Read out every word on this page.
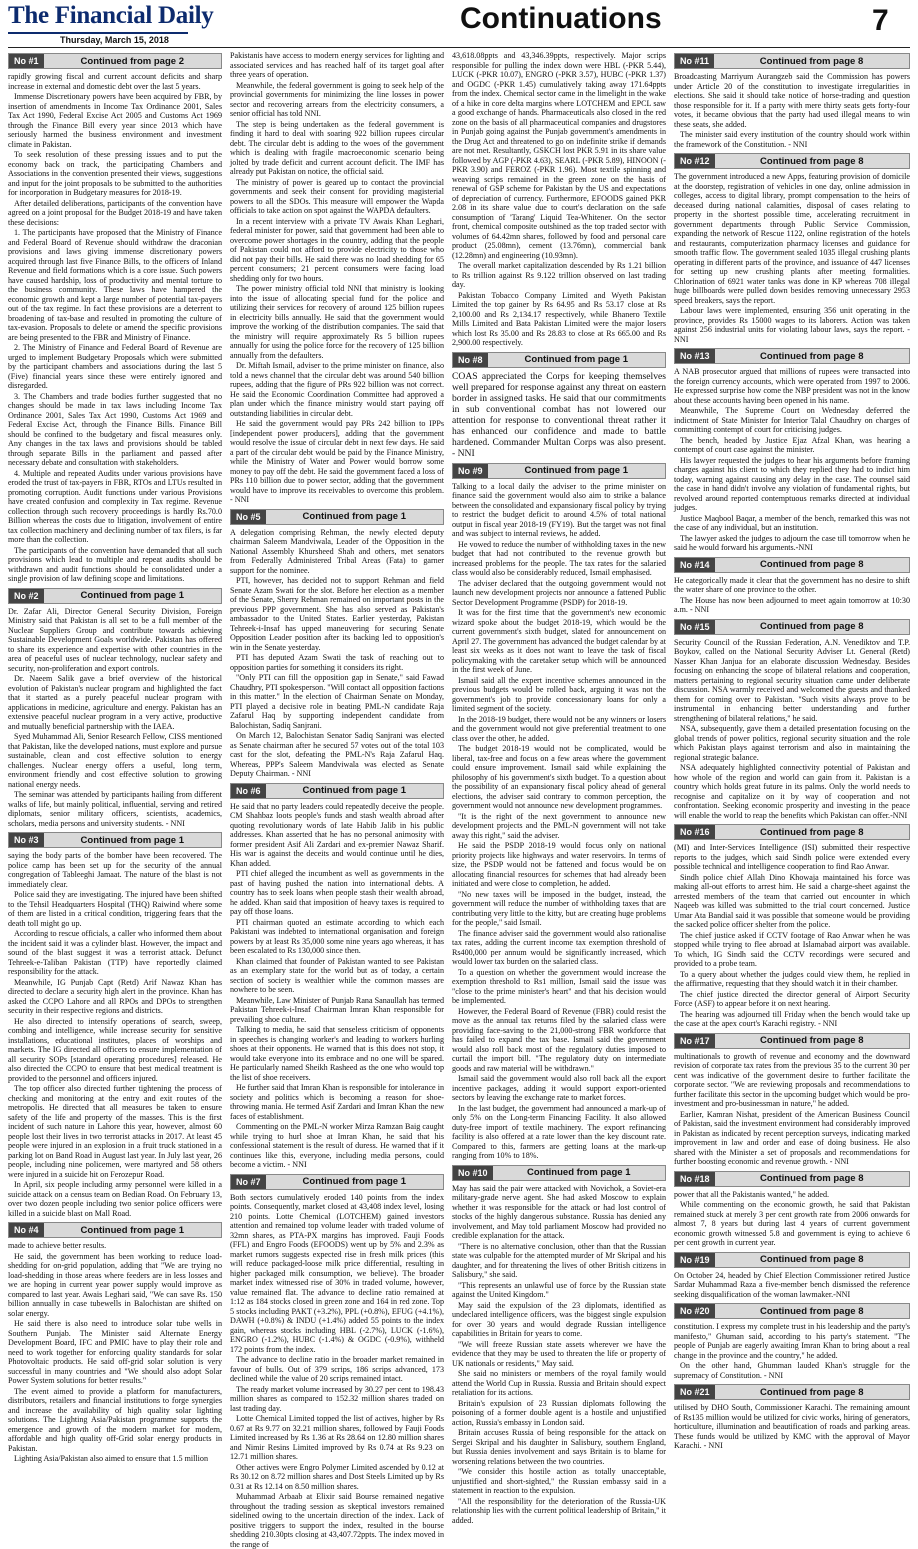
The Financial Daily
Thursday, March 15, 2018
Continuations	7
No #1	Continued from page 2

rapidly growing fiscal and current account deficits and sharp increase in external and domestic debt over the last 5 years.

Immense Discretionary powers have been acquired by FBR, by insertion of amendments in Income Tax Ordinance 2001, Sales Tax Act 1990, Federal Excise Act 2005 and Customs Act 1969 through the Finance Bill every year since 2013 which have seriously harmed the business environment and investment climate in Pakistan.

To seek resolution of these pressing issues and to put the economy back on track, the participating Chambers and Associations in the convention presented their views, suggestions and input for the joint proposals to be submitted to the authorities for incorporation in Budgetary measures for 2018-19.

After detailed deliberations, participants of the convention have agreed on a joint proposal for the Budget 2018-19 and have taken these decisions:

1. The participants have proposed that the Ministry of Finance and Federal Board of Revenue should withdraw the draconian provisions and laws giving immense discretionary powers acquired through last five Finance Bills, to the officers of Inland Revenue and field formations which is a core issue. Such powers have caused hardship, loss of productivity and mental torture to the business community. These laws have hampered the economic growth and kept a large number of potential tax-payers out of the tax regime. In fact these provisions are a deterrent to broadening of tax-base and resulted in promoting the culture of tax-evasion. Proposals to delete or amend the specific provisions are being presented to the FBR and Ministry of Finance.

2. The Ministry of Finance and Federal Board of Revenue are urged to implement Budgetary Proposals which were submitted by the participant chambers and associations during the last 5 (Five) financial years since these were entirely ignored and disregarded.

3. The Chambers and trade bodies further suggested that no changes should be made in tax laws including Income Tax Ordinance 2001, Sales Tax Act 1990, Customs Act 1969 and Federal Excise Act, through the Finance Bills. Finance Bill should be confined to the budgetary and fiscal measures only. Any changes in the tax laws and provisions should be tabled through separate Bills in the parliament and passed after necessary debate and consultation with stakeholders.

4. Multiple and repeated Audits under various provisions have eroded the trust of tax-payers in FBR, RTOs and LTUs resulted in promoting corruption. Audit functions under various Provisions have created confusion and complexity in Tax regime. Revenue collection through such recovery proceedings is hardly Rs.70.0 Billion whereas the costs due to litigation, involvement of entire tax collection machinery and declining number of tax filers, is far more than the collection.

The participants of the convention have demanded that all such provisions which lead to multiple and repeat audits should be withdrawn and audit functions should be consolidated under a single provision of law defining scope and limitations.

No #2	Continued from page 1

Dr. Zafar Ali, Director General Security Division, Foreign Ministry said that Pakistan is all set to be a full member of the Nuclear Suppliers Group and contribute towards achieving Sustainable Development Goals worldwide. Pakistan has offered to share its experience and expertise with other countries in the area of peaceful uses of nuclear technology, nuclear safety and security, non-proliferation and export controls.

Dr. Naeem Salik gave a brief overview of the historical evolution of Pakistan's nuclear program and highlighted the fact that it started as a purely peaceful nuclear program with applications in medicine, agriculture and energy. Pakistan has an extensive peaceful nuclear program in a very active, productive and mutually beneficial partnership with the IAEA.

Syed Muhammad Ali, Senior Research Fellow, CISS mentioned that Pakistan, like the developed nations, must explore and pursue sustainable, clean and cost effective solution to energy challenges. Nuclear energy offers a useful, long term, environment friendly and cost effective solution to growing national energy needs.

The seminar was attended by participants hailing from different walks of life, but mainly political, influential, serving and retired diplomats, senior military officers, scientists, academics, scholars, media persons and university students. - NNI

No #3	Continued from page 1

saying the body parts of the bomber have been recovered. The police camp has been set up for the security of the annual congregation of Tableeghi Jamaat. The nature of the blast is not immediately clear.

Police said they are investigating. The injured have been shifted to the Tehsil Headquarters Hospital (THQ) Raiwind where some of them are listed in a critical condition, triggering fears that the death toll might go up.

According to rescue officials, a caller who informed them about the incident said it was a cylinder blast. However, the impact and sound of the blast suggest it was a terrorist attack. Defunct Tehreek-e-Taliban Pakistan (TTP) have reportedly claimed responsibility for the attack.

Meanwhile, IG Punjab Capt (Retd) Arif Nawaz Khan has directed to declare a security high alert in the province. Khan has asked the CCPO Lahore and all RPOs and DPOs to strengthen security in their respective regions and districts.

He also directed to intensify operations of search, sweep, combing and intelligence, while increase security for sensitive installations, educational institutes, places of worships and markets. The IG directed all officers to ensure implementation of all security SOPs [standard operating procedures] released. He also directed the CCPO to ensure that best medical treatment is provided to the personnel and officers injured.

The top officer also directed further tightening the process of checking and monitoring at the entry and exit routes of the metropolis. He directed that all measures be taken to ensure safety of the life and property of the masses. This is the first incident of such nature in Lahore this year, however, almost 60 people lost their lives in two terrorist attacks in 2017. At least 45 people were injured in an explosion in a fruit truck stationed in a parking lot on Band Road in August last year. In July last year, 26 people, including nine policemen, were martyred and 58 others were injured in a suicide hit on Ferozepur Road.

In April, six people including army personnel were killed in a suicide attack on a census team on Bedian Road. On February 13, over two dozen people including two senior police officers were killed in a suicide blast on Mall Road.

No #4	Continued from page 1

made to achieve better results.

He said, the government has been working to reduce load-shedding for on-grid population, adding that "We are trying no load-shedding in those areas where feeders are in less losses and we are hoping in current year power supply would improve as compared to last year. Awais Leghari said, "We can save Rs. 150 billion annually in case tubewells in Balochistan are shifted on solar energy.

He said there is also need to introduce solar tube wells in Southern Punjab. The Minister said Alternate Energy Development Board, IFC and PMIC have to play their role and need to work together for enforcing quality standards for solar Photovoltaic products. He said off-grid solar solution is very successful in many countries and "We should also adopt Solar Power System solutions for better results."

The event aimed to provide a platform for manufacturers, distributors, retailers and financial institutions to forge synergies and increase the availability of high quality solar lighting solutions. The Lighting Asia/Pakistan programme supports the emergence and growth of the modern market for modern, affordable and high quality off-Grid solar energy products in Pakistan.

Lighting Asia/Pakistan also aimed to ensure that 1.5 million

Pakistanis have access to modern energy services for lighting and associated services and has reached half of its target goal after three years of operation.

Meanwhile, the federal government is going to seek help of the provincial governments for minimizing the line losses in power sector and recovering arrears from the electricity consumers, a senior official has told NNI.

The step is being undertaken as the federal government is finding it hard to deal with soaring 922 billion rupees circular debt. The circular debt is adding to the woes of the government which is dealing with fragile macroeconomic scenario being jolted by trade deficit and current account deficit. The IMF has already put Pakistan on notice, the official said.

The ministry of power is geared up to contact the provincial governments and seek their consent for providing magisterial powers to all the SDOs. This measure will empower the Wapda officials to take action on spot against the WAPDA defaulters.

In a recent interview with a private TV Awais Khan Leghari, federal minister for power, said that government had been able to overcome power shortages in the country, adding that the people of Pakistan could not afford to provide electricity to those who did not pay their bills. He said there was no load shedding for 65 percent consumers; 21 percent consumers were facing load shedding only for two hours.

The power ministry official told NNI that ministry is looking into the issue of allocating special fund for the police and utilizing their services for recovery of around 125 billion rupees in electricity bills annually. He said that the government would improve the working of the distribution companies. The said that the ministry will require approximately Rs 5 billion rupees annually for using the police force for the recovery of 125 billion annually from the defaulters.

Dr. Miftah Ismail, adviser to the prime minister on finance, also told a news channel that the circular debt was around 540 billion rupees, adding that the figure of PRs 922 billion was not correct. He said the Economic Coordination Committee had approved a plan under which the finance ministry would start paying off outstanding liabilities in circular debt.

He said the government would pay PRs 242 billion to IPPs [independent power producers], adding that the government would resolve the issue of circular debt in next few days. He said a part of the circular debt would be paid by the Finance Ministry, while the Ministry of Water and Power would borrow some money to pay off the debt. He said the government faced a loss of PRs 110 billion due to power sector, adding that the government would have to improve its receivables to overcome this problem. - NNI

No #5	Continued from page 1

A delegation comprising Rehman, the newly elected deputy chairman Saleem Mandviwala, Leader of the Opposition in the National Assembly Khursheed Shah and others, met senators from Federally Administered Tribal Areas (Fata) to garner support for the nominee.

PTI, however, has decided not to support Rehman and field Senate Azam Swati for the slot. Before her election as a member of the Senate, Sherry Rehman remained on important posts in the previous PPP government. She has also served as Pakistan's ambassador to the United States. Earlier yesterday, Pakistan Tehreek-i-Insaf has upped maneuvering for securing Senate Opposition Leader position after its backing led to opposition's win in the Senate yesterday.

PTI has deputed Azam Swati the task of reaching out to opposition parties for something it considers its right.

"Only PTI can fill the opposition gap in Senate," said Fawad Chaudhry, PTI spokesperson. "Will contact all opposition factions in this matter." In the election of Chairman Senate on Monday, PTI played a decisive role in beating PML-N candidate Raja Zafarul Haq by supporting independent candidate from Balochistan, Sadiq Sanjrani.

On March 12, Balochistan Senator Sadiq Sanjrani was elected as Senate chairman after he secured 57 votes out of the total 103 cast for the slot, defeating the PML-N's Raja Zafarul Haq. Whereas, PPP's Saleem Mandviwala was elected as Senate Deputy Chairman. - NNI

No #6	Continued from page 1

He said that no party leaders could repeatedly deceive the people. CM Shahbaz loots people's funds and stash wealth abroad after quoting revolutionary words of late Habib Jalib in his public addresses. Khan asserted that he has no personal animosity with former president Asif Ali Zardari and ex-premier Nawaz Sharif. His war is against the deceits and would continue until he dies, Khan added.

PTI chief alleged the incumbent as well as governments in the past of having pushed the nation into international debts. A country has to seek loans when people stash their wealth abroad, he added. Khan said that imposition of heavy taxes is required to pay off those loans.

PTI chairman quoted an estimate according to which each Pakistani was indebted to international organisation and foreign powers by at least Rs 35,000 some nine years ago whereas, it has been escalated to Rs 130,000 since then.

Khan claimed that founder of Pakistan wanted to see Pakistan as an exemplary state for the world but as of today, a certain section of society is wealthier while the common masses are nowhere to be seen.

Meanwhile, Law Minister of Punjab Rana Sanaullah has termed Pakistan Tehreek-i-Insaf Chairman Imran Khan responsible for prevailing shoe culture.

Talking to media, he said that senseless criticism of opponents in speeches is changing worker's and leading to workers hurling shoes at their opponents. He warned that is this does not stop, it would take everyone into its embrace and no one will be spared. He particularly named Sheikh Rasheed as the one who would top the list of shoe receivers.

He further said that Imran Khan is responsible for intolerance in society and politics which is becoming a reason for shoe-throwing mania. He termed Asif Zardari and Imran Khan the new faces of establishment.

Commenting on the PML-N worker Mirza Ramzan Baig caught while trying to hurl shoe at Imran Khan, he said that his confessional statement is the result of duress. He warned that if it continues like this, everyone, including media persons, could become a victim. - NNI

No #7	Continued from page 1

Both sectors cumulatively eroded 140 points from the index points. Consequently, market closed at 43,408 index level, losing 210 points. Lotte Chemical (LOTCHEM) gained investors attention and remained top volume leader with traded volume of 32mn shares, as PTA-PX margins has improved. Fauji Foods (FFL) and Engro Foods (EFOODS) went up by 5% and 2.3% as market rumors suggests expected rise in fresh milk prices (this will reduce packaged-loose milk price differential, resulting in higher packaged milk consumption, we believe). The broader market index witnessed rise of 30% in traded volume, however, value remained flat. The advance to decline ratio remained at 1:12 as 184 stocks closed in green zone and 164 in red zone. Top 5 stocks including PAKT (+3.2%), PPL (+0.8%), EFUG (+4.1%), DAWH (+0.8%) & INDU (+1.4%) added 55 points to the index gain, whereas stocks including HBL (-2.7%), LUCK (-1.6%), ENGRO (-1.2%), HUBC (-1.4%) & OGDC (-0.9%), withheld 172 points from the index.

The advance to decline ratio in the broader market remained in favour of bulls. Out of 379 scrips, 186 scrips advanced, 173 declined while the value of 20 scrips remained intact.

The ready market volume increased by 30.27 per cent to 198.43 million shares as compared to 152.32 million shares traded on last trading day.

Lotte Chemical Limited topped the list of actives, higher by Rs 0.67 at Rs 9.77 on 32.21 million shares, followed by Fauji Foods Limited increased by Rs 1.36 at Rs 28.64 on 12.80 million shares and Nimir Resins Limited improved by Rs 0.74 at Rs 9.23 on 12.71 million shares.

Other actives were Engro Polymer Limited ascended by 0.12 at Rs 30.12 on 8.72 million shares and Dost Steels Limited up by Rs 0.31 at Rs 12.14 on 8.50 million shares.

Muhammad Arbaab at Elixir said Bourse remained negative throughout the trading session as skeptical investors remained sidelined owing to the uncertain direction of the index. Lack of positive triggers to support the index, resulted in the bourse shedding 210.30pts closing at 43,407.72ppts. The index moved in the range of

43,618.08ppts and 43,346.39ppts, respectively. Major scrips responsible for pulling the index down were HBL (-PKR 5.44), LUCK (-PKR 10.07), ENGRO (-PKR 3.57), HUBC (-PKR 1.37) and OGDC (-PKR 1.45) cumulatively taking away 171.64ppts from the index. Chemical sector came in the limelight in the wake of a hike in core delta margins where LOTCHEM and EPCL saw a good exchange of hands. Pharmaceuticals also closed in the red zone on the basis of all pharmaceutical companies and drugstores in Punjab going against the Punjab government's amendments in the Drug Act and threatened to go on indefinite strike if demands are not met. Resultantly, GSKCH lost PKR 5.91 in its share value followed by AGP (-PKR 4.63), SEARL (-PKR 5.89), HINOON (-PKR 3.90) and FEROZ (-PKR 1.96). Most textile spinning and weaving scrips remained in the green zone on the basis of renewal of GSP scheme for Pakistan by the US and expectations of depreciation of currency. Furthermore, EFOODS gained PKR 2.08 in its share value due to court's declaration on the safe consumption of 'Tarang' Liquid Tea-Whitener. On the sector front, chemical composite outshined as the top traded sector with volumes of 64.42mn shares, followed by food and personal care product (25.08mn), cement (13.76mn), commercial bank (12.28mn) and engineering (10.93mn).

The overall market capitalization descended by Rs 1.21 billion to Rs trillion against Rs 9.122 trillion observed on last trading day.

Pakistan Tobacco Company Limited and Wyeth Pakistan Limited the top gainer by Rs 64.95 and Rs 53.17 close at Rs 2,100.00 and Rs 2,134.17 respectively, while Bhanero Textile Mills Limited and Bata Pakistan Limited were the major losers which lost Rs 35.00 and Rs 28.83 to close at Rs 665.00 and Rs 2,900.00 respectively.

No #8	Continued from page 1

COAS appreciated the Corps for keeping themselves well prepared for response against any threat on eastern border in assigned tasks. He said that our commitments in sub conventional combat has not lowered our attention for response to conventional threat rather it has enhanced our confidence and made to battle hardened. Commander Multan Corps was also present. - NNI

No #9	Continued from page 1

Talking to a local daily the adviser to the prime minister on finance said the government would also aim to strike a balance between the consolidated and expansionary fiscal policy by trying to restrict the budget deficit to around 4.5% of total national output in fiscal year 2018-19 (FY19). But the target was not final and was subject to internal reviews, he added.

He vowed to reduce the number of withholding taxes in the new budget that had not contributed to the revenue growth but increased problems for the people. The tax rates for the salaried class would also be considerably reduced, Ismail emphasised.

The adviser declared that the outgoing government would not launch new development projects nor announce a fattened Public Sector Development Programme (PSDP) for 2018-19.

It was for the first time that the government's new economic wizard spoke about the budget 2018-19, which would be the current government's sixth budget, slated for announcement on April 27. The government has advanced the budget calendar by at least six weeks as it does not want to leave the task of fiscal policymaking with the caretaker setup which will be announced in the first week of June.

Ismail said all the expert incentive schemes announced in the previous budgets would be rolled back, arguing it was not the government's job to provide concessionary loans for only a limited segment of the society.

In the 2018-19 budget, there would not be any winners or losers and the government would not give preferential treatment to one class over the other, he added.

The budget 2018-19 would not be complicated, would be liberal, tax-free and focus on a few areas where the government could ensure improvement. Ismail said while explaining the philosophy of his government's sixth budget. To a question about the possibility of an expansionary fiscal policy ahead of general elections, the adviser said contrary to common perception, the government would not announce new development programmes.

"It is the right of the next government to announce new development projects and the PML-N government will not take away this right," said the adviser.

He said the PSDP 2018-19 would focus only on national priority projects like highways and water reservoirs. In terms of size, the PSDP would not be fattened and focus would be on allocating financial resources for schemes that had already been initiated and were close to completion, he added.

"No new taxes will be imposed in the budget, instead, the government will reduce the number of withholding taxes that are contributing very little to the kitty, but are creating huge problems for the people," said Ismail.

The finance adviser said the government would also rationalise tax rates, adding the current income tax exemption threshold of Rs400,000 per annum would be significantly increased, which would lower tax burden on the salaried class.

To a question on whether the government would increase the exemption threshold to Rs1 million, Ismail said the issue was "close to the prime minister's heart" and that his decision would be implemented.

However, the Federal Board of Revenue (FBR) could resist the move as the annual tax returns filed by the salaried class were providing face-saving to the 21,000-strong FBR workforce that has failed to expand the tax base. Ismail said the government would also roll back most of the regulatory duties imposed to curtail the import bill. "The regulatory duty on intermediate goods and raw material will be withdrawn."

Ismail said the government would also roll back all the export incentive packages, adding it would support export-oriented sectors by leaving the exchange rate to market forces.

In the last budget, the government had announced a mark-up of only 5% on the Long-term Financing Facility. It also allowed duty-free import of textile machinery. The export refinancing facility is also offered at a rate lower than the key discount rate. Compared to this, farmers are getting loans at the mark-up ranging from 10% to 18%.

No #10	Continued from page 1

May has said the pair were attacked with Novichok, a Soviet-era military-grade nerve agent. She had asked Moscow to explain whether it was responsible for the attack or had lost control of stocks of the highly dangerous substance. Russia has denied any involvement, and May told parliament Moscow had provided no credible explanation for the attack.

"There is no alternative conclusion, other than that the Russian state was culpable for the attempted murder of Mr Skripal and his daughter, and for threatening the lives of other British citizens in Salisbury," she said.

"This represents an unlawful use of force by the Russian state against the United Kingdom."

May said the expulsion of the 23 diplomats, identified as undeclared intelligence officers, was the biggest single expulsion for over 30 years and would degrade Russian intelligence capabilities in Britain for years to come.

"We will freeze Russian state assets wherever we have the evidence that they may be used to threaten the life or property of UK nationals or residents," May said.

She said no ministers or members of the royal family would attend the World Cup in Russia. Russia and Britain should expect retaliation for its actions.

Britain's expulsion of 23 Russian diplomats following the poisoning of a former double agent is a hostile and unjustified action, Russia's embassy in London said.

Britain accuses Russia of being responsible for the attack on Sergei Skripal and his daughter in Salisbury, southern England, but Russia denies involvement and says Britain is to blame for worsening relations between the two countries.

"We consider this hostile action as totally unacceptable, unjustified and short-sighted," the Russian embassy said in a statement in reaction to the expulsion.

"All the responsibility for the deterioration of the Russia-UK relationship lies with the current political leadership of Britain," it added.

No #11	Continued from page 8

Broadcasting Marriyum Aurangzeb said the Commission has powers under Article 20 of the constitution to investigate irregularities in elections. She said it should take notice of horse-trading and question those responsible for it. If a party with mere thirty seats gets forty-four votes, it became obvious that the party had used illegal means to win these seats, she added.

The minister said every institution of the country should work within the framework of the Constitution. - NNI

No #12	Continued from page 8

The government introduced a new Apps, featuring provision of domicile at the doorstep, registration of vehicles in one day, online admission in colleges, access to digital library, prompt compensation to the heirs of deceased during national calamities, disposal of cases relating to property in the shortest possible time, accelerating recruitment in government departments through Public Service Commission, expanding the network of Rescue 1122, online registration of the hotels and restaurants, computerization pharmacy licenses and guidance for smooth traffic flow. The government sealed 1035 illegal crushing plants operating in different parts of the province, and issuance of 447 licenses for setting up new crushing plants after meeting formalities. Chlorination of 6921 water tanks was done in KP whereas 708 illegal huge billboards were pulled down besides removing unnecessary 2953 speed breakers, says the report.

Labour laws were implemented, ensuring 356 unit operating in the province, provides Rs 15000 wages to its laborers. Action was taken against 256 industrial units for violating labour laws, says the report. - NNI

No #13	Continued from page 8

A NAB prosecutor argued that millions of rupees were transacted into the foreign currency accounts, which were operated from 1997 to 2006. He expressed surprise how come the NBP president was not in the know about these accounts having been opened in his name.

Meanwhile, The Supreme Court on Wednesday deferred the indictment of State Minister for Interior Talal Chaudhry on charges of committing contempt of court for criticising judges.

The bench, headed by Justice Ejaz Afzal Khan, was hearing a contempt of court case against the minister.

His lawyer requested the judges to hear his arguments before framing charges against his client to which they replied they had to indict him today, warning against causing any delay in the case. The counsel said the case in hand didn't involve any violation of fundamental rights, but revolved around reported contemptuous remarks directed at individual judges.

Justice Maqbool Baqar, a member of the bench, remarked this was not the case of any individual, but an institution.

The lawyer asked the judges to adjourn the case till tomorrow when he said he would forward his arguments.-NNI

No #14	Continued from page 8

He categorically made it clear that the government has no desire to shift the water share of one province to the other.

The House has now been adjourned to meet again tomorrow at 10:30 a.m. - NNI

No #15	Continued from page 8

Security Council of the Russian Federation, A.N. Venediktov and T.P. Boykov, called on the National Security Adviser Lt. General (Retd) Nasser Khan Janjua for an elaborate discussion Wednesday. Besides focusing on enhancing the scope of bilateral relations and cooperation, matters pertaining to regional security situation came under deliberate discussion. NSA warmly received and welcomed the guests and thanked them for coming over to Pakistan. "Such visits always prove to be instrumental in enhancing better understanding and further strengthening of bilateral relations," he said.

NSA, subsequently, gave them a detailed presentation focusing on the global trends of power politics, regional security situation and the role which Pakistan plays against terrorism and also in maintaining the regional strategic balance.

NSA adequately highlighted connectivity potential of Pakistan and how whole of the region and world can gain from it. Pakistan is a country which holds great future in its palms. Only the world needs to recognise and capitalize on it by way of cooperation and not confrontation. Seeking economic prosperity and investing in the peace will enable the world to reap the benefits which Pakistan can offer.-NNI

No #16	Continued from page 8

(MI) and Inter-Services Intelligence (ISI) submitted their respective reports to the judges, which said Sindh police were extended every possible technical and intelligence cooperation to find Rao Anwar.

Sindh police chief Allah Dino Khowaja maintained his force was making all-out efforts to arrest him. He said a charge-sheet against the arrested members of the team that carried out encounter in which Naqeeb was killed was submitted to the trial court concerned. Justice Umar Ata Bandial said it was possible that someone would be providing the sacked police officer shelter from the police.

The chief justice asked if CCTV footage of Rao Anwar when he was stopped while trying to flee abroad at Islamabad airport was available. To which, IG Sindh said the CCTV recordings were secured and provided to a probe team.

To a query about whether the judges could view them, he replied in the affirmative, requesting that they should watch it in their chamber.

The chief justice directed the director general of Airport Security Force (ASF) to appear before it on next hearing.

The hearing was adjourned till Friday when the bench would take up the case at the apex court's Karachi registry. - NNI

No #17	Continued from page 8

multinationals to growth of revenue and economy and the downward revision of corporate tax rates from the previous 35 to the current 30 per cent was indicative of the government desire to further facilitate the corporate sector. "We are reviewing proposals and recommendations to further facilitate this sector in the upcoming budget which would be pro-investment and pro-businessman in nature," he added.

Earlier, Kamran Nishat, president of the American Business Council of Pakistan, said the investment environment had considerably improved in Pakistan as indicated by recent perception surveys, indicating marked improvement in law and order and ease of doing business. He also shared with the Minister a set of proposals and recommendations for further boosting economic and revenue growth. - NNI

No #18	Continued from page 8

power that all the Pakistanis wanted," he added.

While commenting on the economic growth, he said that Pakistan remained stuck at merely 3 per cent growth rate from 2006 onwards for almost 7, 8 years but during last 4 years of current government economic growth witnessed 5.8 and government is eying to achieve 6 per cent growth in current year.

No #19	Continued from page 8

On October 24, headed by Chief Election Commissioner retired Justice Sardar Muhammad Raza a five-member bench dismissed the reference seeking disqualification of the woman lawmaker.-NNI

No #20	Continued from page 8

constitution. I express my complete trust in his leadership and the party's manifesto," Ghuman said, according to his party's statement. "The people of Punjab are eagerly awaiting Imran Khan to bring about a real change in the province and the country," he added.

On the other hand, Ghumman lauded Khan's struggle for the supremacy of Constitution. - NNI

No #21	Continued from page 8

utilised by DHO South, Commissioner Karachi. The remaining amount of Rs135 million would be utilized for civic works, hiring of generators, horticulture, illumination and beautification of roads and parking areas. These funds would be utilized by KMC with the approval of Mayor Karachi. - NNI
